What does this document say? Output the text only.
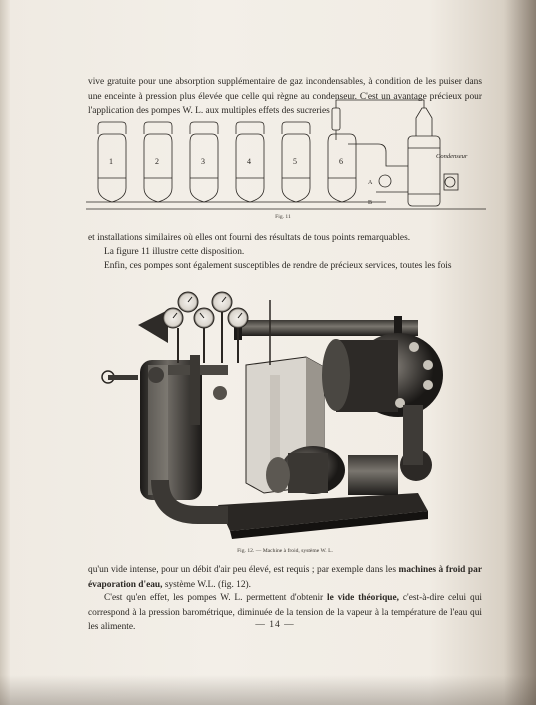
vive gratuite pour une absorption supplémentaire de gaz incondensables, à condition de les puiser dans une enceinte à pression plus élevée que celle qui règne au condenseur. C'est un avantage précieux pour l'application des pompes W. L. aux multiples effets des sucreries

1	2	3	4	5	6
Condenseur
A
B

Fig. 11

et installations similaires où elles ont fourni des résultats de tous points remarquables.

La figure 11 illustre cette disposition.

Enfin, ces pompes sont également susceptibles de rendre de précieux services, toutes les fois

Fig. 12. — Machine à froid, système W. L.

qu'un vide intense, pour un débit d'air peu élevé, est requis ; par exemple dans les machines à froid par évaporation d'eau, système W.L. (fig. 12).

C'est qu'en effet, les pompes W. L. permettent d'obtenir le vide théorique, c'est-à-dire celui qui correspond à la pression barométrique, diminuée de la tension de la vapeur à la température de l'eau qui les alimente.	— 14 —
